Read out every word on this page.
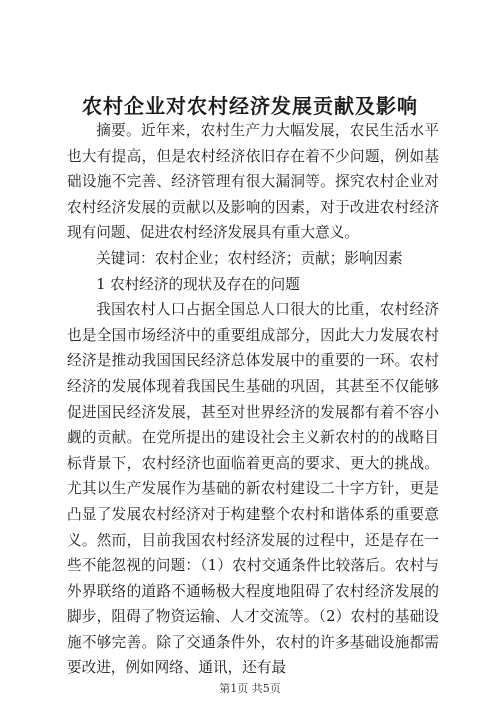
农村企业对农村经济发展贡献及影响

摘要。近年来，农村生产力大幅发展，农民生活水平也大有提高，但是农村经济依旧存在着不少问题，例如基础设施不完善、经济管理有很大漏洞等。探究农村企业对农村经济发展的贡献以及影响的因素，对于改进农村经济现有问题、促进农村经济发展具有重大意义。

关键词：农村企业；农村经济；贡献；影响因素

1 农村经济的现状及存在的问题

我国农村人口占据全国总人口很大的比重，农村经济也是全国市场经济中的重要组成部分，因此大力发展农村经济是推动我国国民经济总体发展中的重要的一环。农村经济的发展体现着我国民生基础的巩固，其甚至不仅能够促进国民经济发展，甚至对世界经济的发展都有着不容小觑的贡献。在党所提出的建设社会主义新农村的的战略目标背景下，农村经济也面临着更高的要求、更大的挑战。尤其以生产发展作为基础的新农村建设二十字方针，更是凸显了发展农村经济对于构建整个农村和谐体系的重要意义。然而，目前我国农村经济发展的过程中，还是存在一些不能忽视的问题：（1）农村交通条件比较落后。农村与外界联络的道路不通畅极大程度地阻碍了农村经济发展的脚步，阻碍了物资运输、人才交流等。（2）农村的基础设施不够完善。除了交通条件外，农村的许多基础设施都需要改进，例如网络、通讯，还有最

第1页 共5页
